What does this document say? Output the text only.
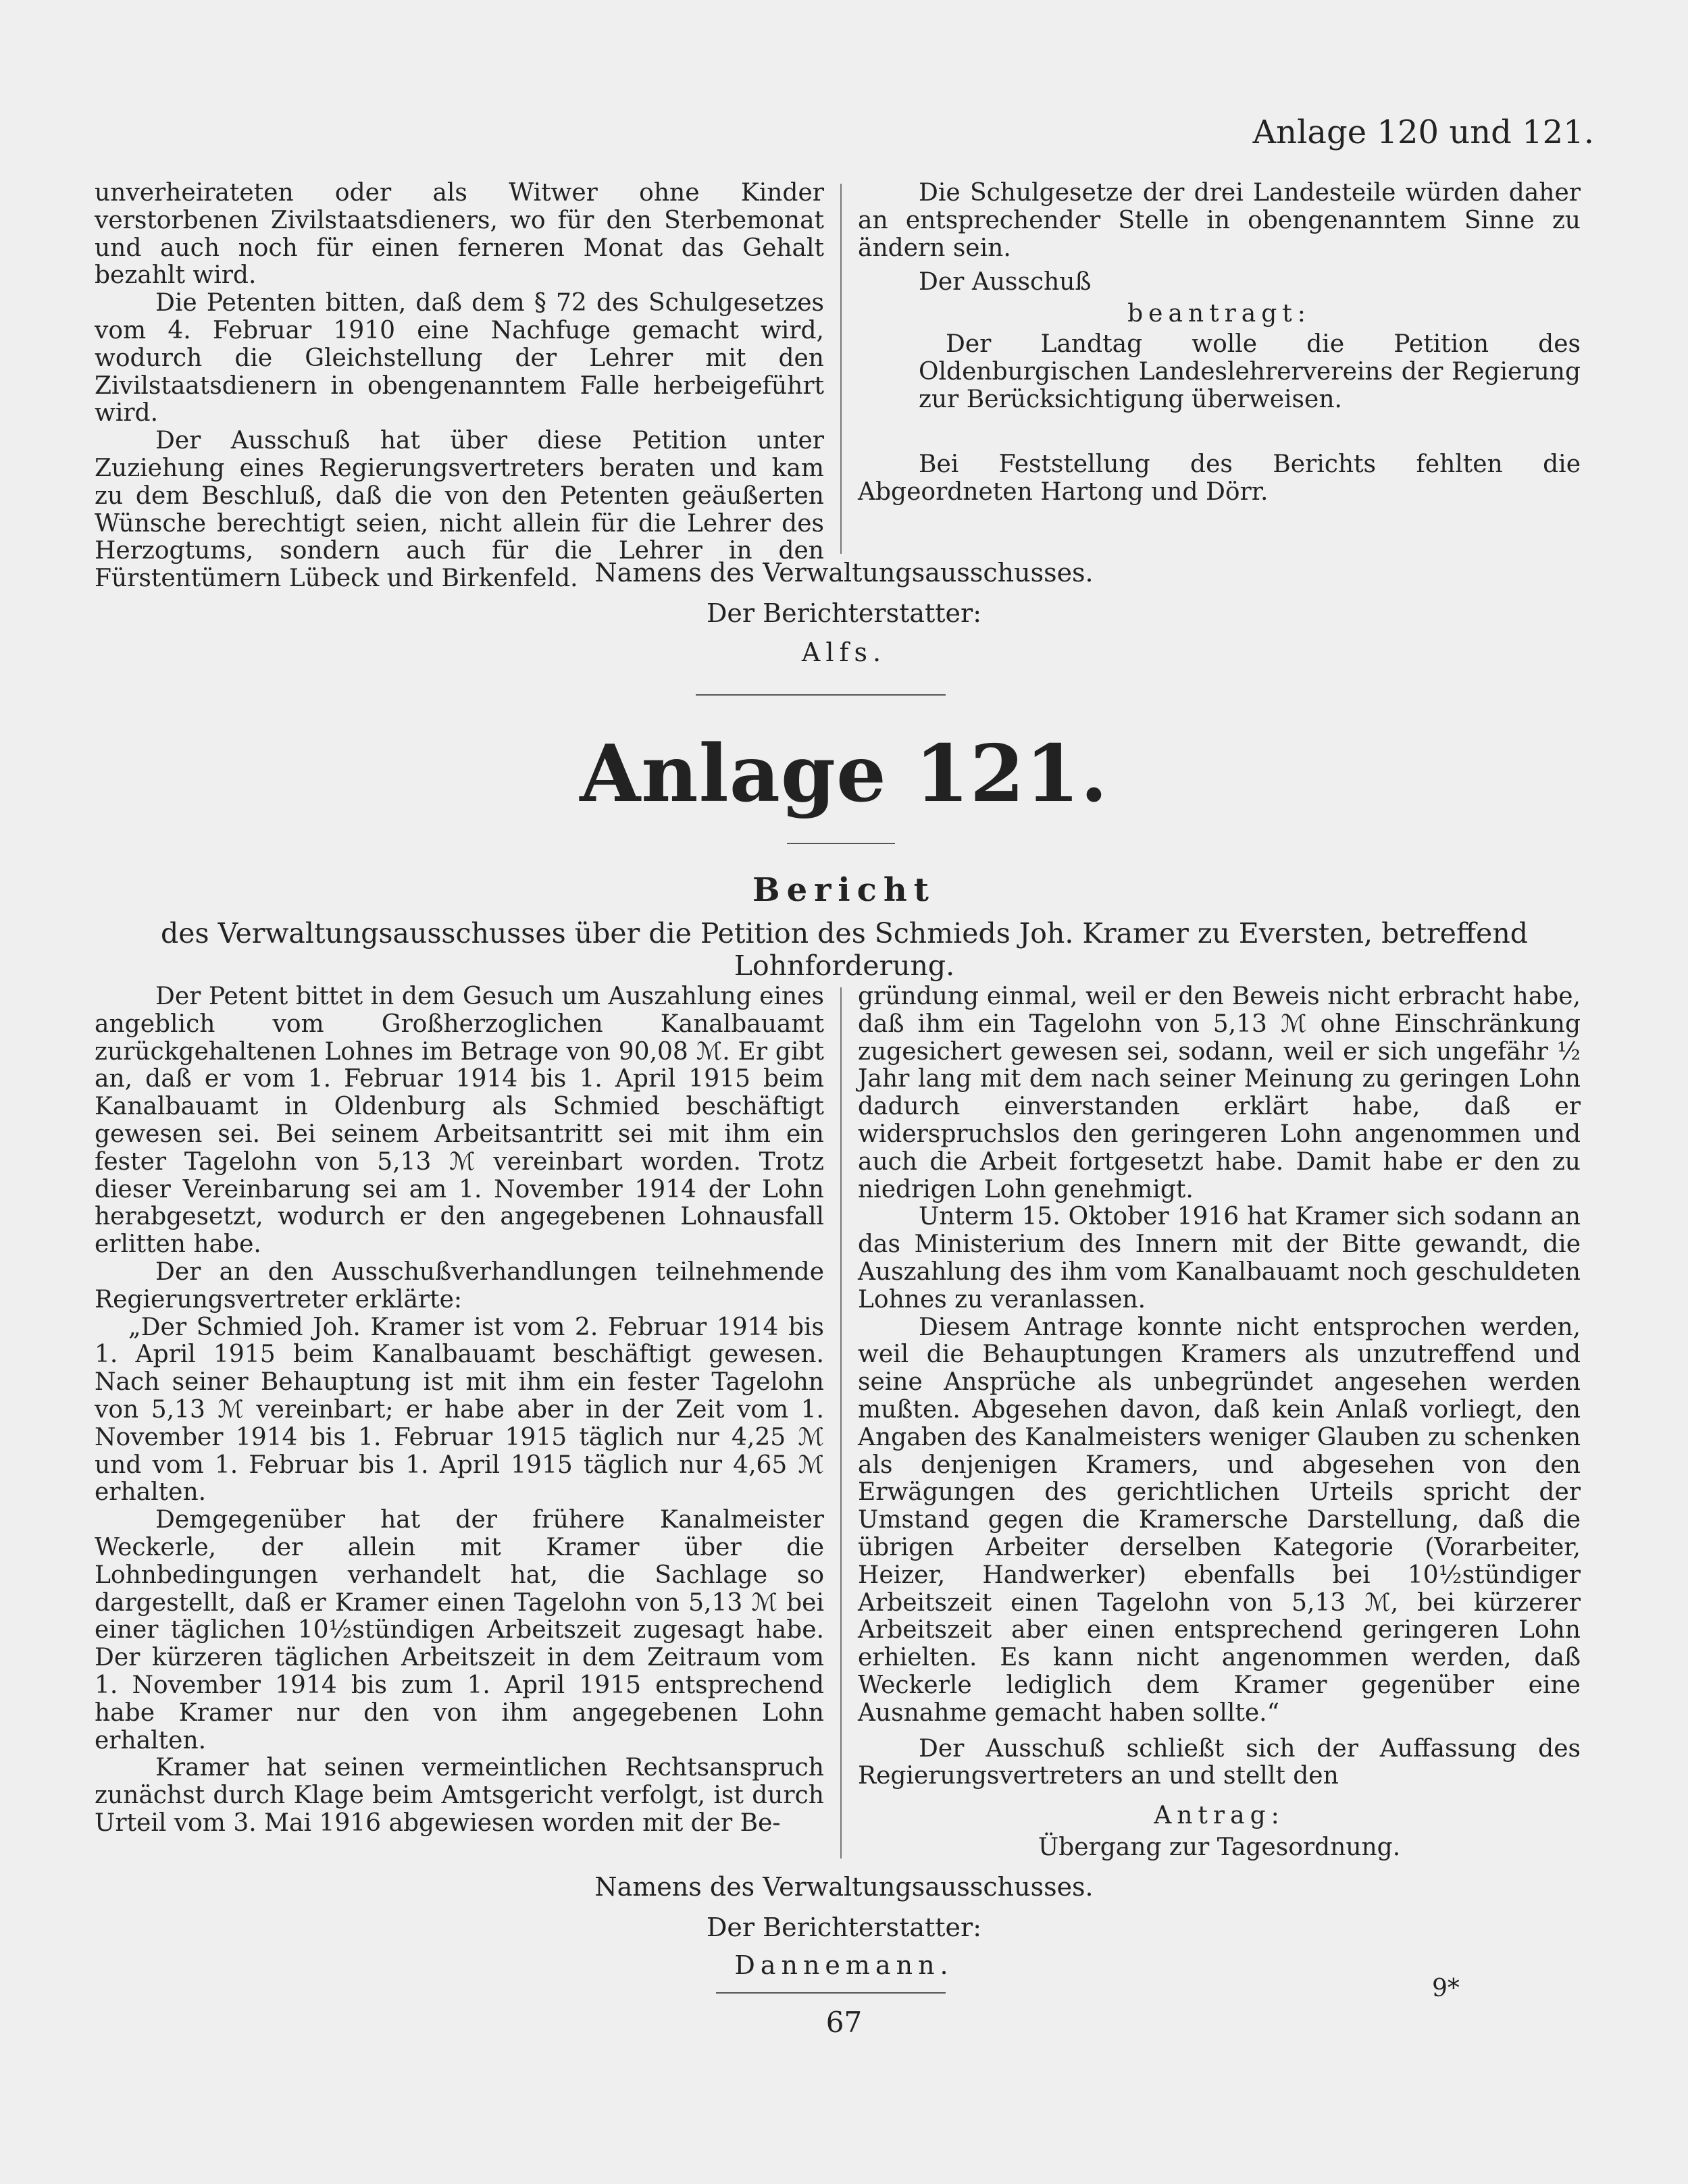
Anlage 120 und 121.

unverheirateten oder als Witwer ohne Kinder verstorbenen Zivilstaatsdieners, wo für den Sterbemonat und auch noch für einen ferneren Monat das Gehalt bezahlt wird.

Die Petenten bitten, daß dem § 72 des Schulgesetzes vom 4. Februar 1910 eine Nachfuge gemacht wird, wodurch die Gleichstellung der Lehrer mit den Zivilstaatsdienern in obengenanntem Falle herbeigeführt wird.

Der Ausschuß hat über diese Petition unter Zuziehung eines Regierungsvertreters beraten und kam zu dem Beschluß, daß die von den Petenten geäußerten Wünsche berechtigt seien, nicht allein für die Lehrer des Herzogtums, sondern auch für die Lehrer in den Fürstentümern Lübeck und Birkenfeld.

Die Schulgesetze der drei Landesteile würden daher an entsprechender Stelle in obengenanntem Sinne zu ändern sein.

Der Ausschuß

beantragt:

Der Landtag wolle die Petition des Oldenburgischen Landeslehrervereins der Regierung zur Berücksichtigung überweisen.

Bei Feststellung des Berichts fehlten die Abgeordneten Hartong und Dörr.

Namens des Verwaltungsausschusses.
Der Berichterstatter:
Alfs.
Anlage 121.
Bericht
des Verwaltungsausschusses über die Petition des Schmieds Joh. Kramer zu Eversten, betreffend Lohnforderung.

Der Petent bittet in dem Gesuch um Auszahlung eines angeblich vom Großherzoglichen Kanalbauamt zurückgehaltenen Lohnes im Betrage von 90,08 ℳ. Er gibt an, daß er vom 1. Februar 1914 bis 1. April 1915 beim Kanalbauamt in Oldenburg als Schmied beschäftigt gewesen sei. Bei seinem Arbeitsantritt sei mit ihm ein fester Tagelohn von 5,13 ℳ vereinbart worden. Trotz dieser Vereinbarung sei am 1. November 1914 der Lohn herabgesetzt, wodurch er den angegebenen Lohnausfall erlitten habe.

Der an den Ausschußverhandlungen teilnehmende Regierungsvertreter erklärte:

„Der Schmied Joh. Kramer ist vom 2. Februar 1914 bis 1. April 1915 beim Kanalbauamt beschäftigt gewesen. Nach seiner Behauptung ist mit ihm ein fester Tagelohn von 5,13 ℳ vereinbart; er habe aber in der Zeit vom 1. November 1914 bis 1. Februar 1915 täglich nur 4,25 ℳ und vom 1. Februar bis 1. April 1915 täglich nur 4,65 ℳ erhalten.

Demgegenüber hat der frühere Kanalmeister Weckerle, der allein mit Kramer über die Lohnbedingungen verhandelt hat, die Sachlage so dargestellt, daß er Kramer einen Tagelohn von 5,13 ℳ bei einer täglichen 10½stündigen Arbeitszeit zugesagt habe. Der kürzeren täglichen Arbeitszeit in dem Zeitraum vom 1. November 1914 bis zum 1. April 1915 entsprechend habe Kramer nur den von ihm angegebenen Lohn erhalten.

Kramer hat seinen vermeintlichen Rechtsanspruch zunächst durch Klage beim Amtsgericht verfolgt, ist durch Urteil vom 3. Mai 1916 abgewiesen worden mit der Be-

gründung einmal, weil er den Beweis nicht erbracht habe, daß ihm ein Tagelohn von 5,13 ℳ ohne Einschränkung zugesichert gewesen sei, sodann, weil er sich ungefähr ½ Jahr lang mit dem nach seiner Meinung zu geringen Lohn dadurch einverstanden erklärt habe, daß er widerspruchslos den geringeren Lohn angenommen und auch die Arbeit fortgesetzt habe. Damit habe er den zu niedrigen Lohn genehmigt.

Unterm 15. Oktober 1916 hat Kramer sich sodann an das Ministerium des Innern mit der Bitte gewandt, die Auszahlung des ihm vom Kanalbauamt noch geschuldeten Lohnes zu veranlassen.

Diesem Antrage konnte nicht entsprochen werden, weil die Behauptungen Kramers als unzutreffend und seine Ansprüche als unbegründet angesehen werden mußten. Abgesehen davon, daß kein Anlaß vorliegt, den Angaben des Kanalmeisters weniger Glauben zu schenken als denjenigen Kramers, und abgesehen von den Erwägungen des gerichtlichen Urteils spricht der Umstand gegen die Kramersche Darstellung, daß die übrigen Arbeiter derselben Kategorie (Vorarbeiter, Heizer, Handwerker) ebenfalls bei 10½stündiger Arbeitszeit einen Tagelohn von 5,13 ℳ, bei kürzerer Arbeitszeit aber einen entsprechend geringeren Lohn erhielten. Es kann nicht angenommen werden, daß Weckerle lediglich dem Kramer gegenüber eine Ausnahme gemacht haben sollte.“

Der Ausschuß schließt sich der Auffassung des Regierungsvertreters an und stellt den

Antrag:

Übergang zur Tagesordnung.

Namens des Verwaltungsausschusses.
Der Berichterstatter:
Dannemann.
9*
67
